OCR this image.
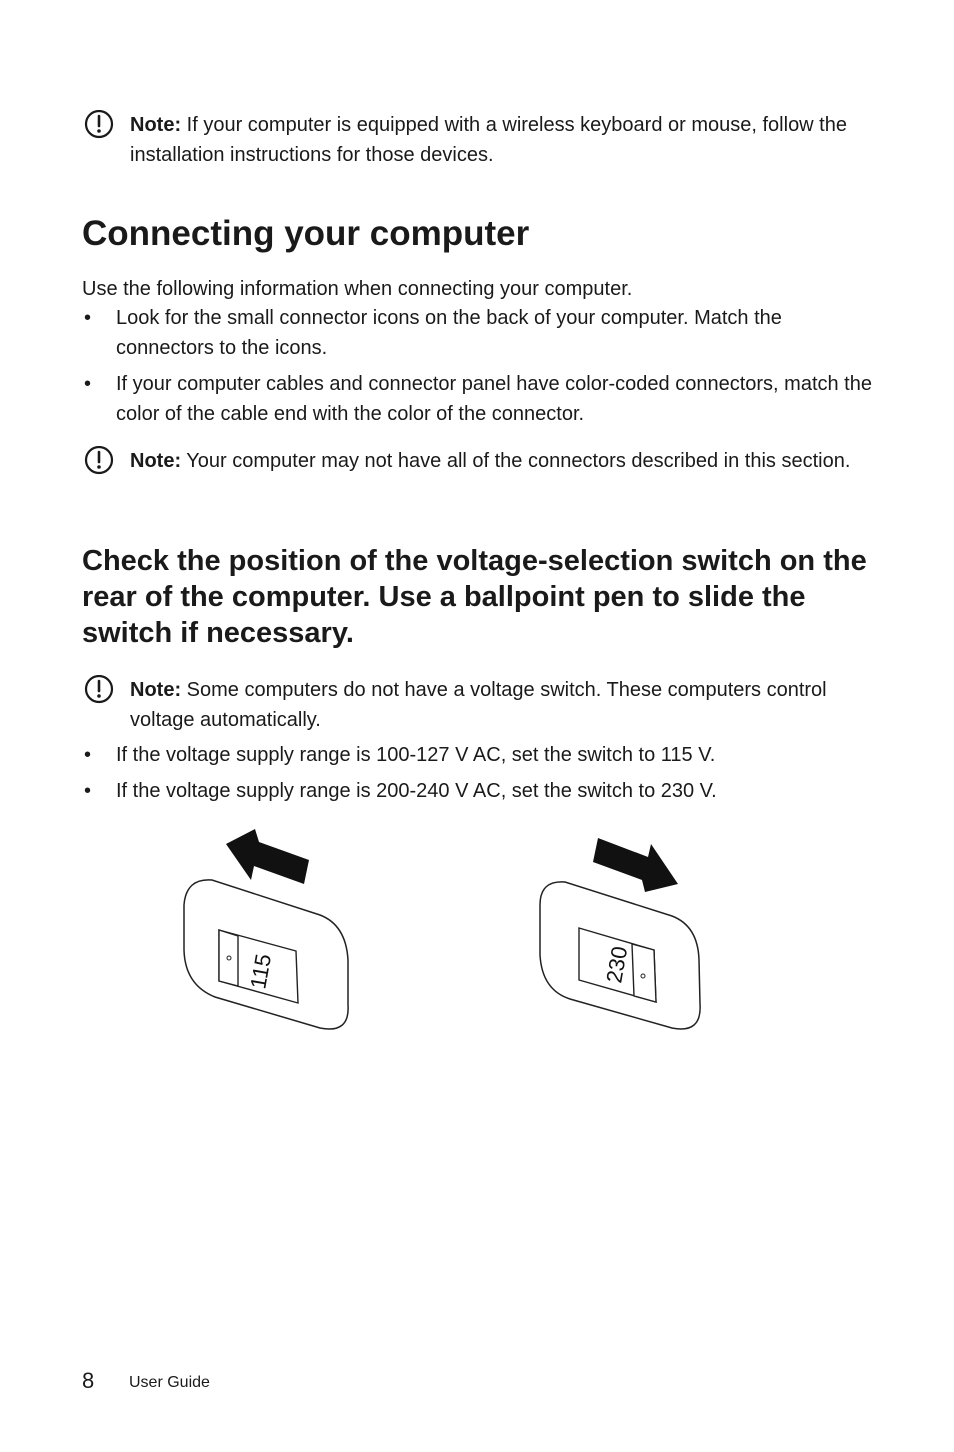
Note: If your computer is equipped with a wireless keyboard or mouse, follow the installation instructions for those devices.
Connecting your computer
Use the following information when connecting your computer.
• Look for the small connector icons on the back of your computer. Match the connectors to the icons.
• If your computer cables and connector panel have color-coded connectors, match the color of the cable end with the color of the connector.
Note: Your computer may not have all of the connectors described in this section.
Check the position of the voltage-selection switch on the rear of the computer. Use a ballpoint pen to slide the switch if necessary.
Note: Some computers do not have a voltage switch. These computers control voltage automatically.
• If the voltage supply range is 100-127 V AC, set the switch to 115 V.
• If the voltage supply range is 200-240 V AC, set the switch to 230 V.
115	230
8 User Guide
